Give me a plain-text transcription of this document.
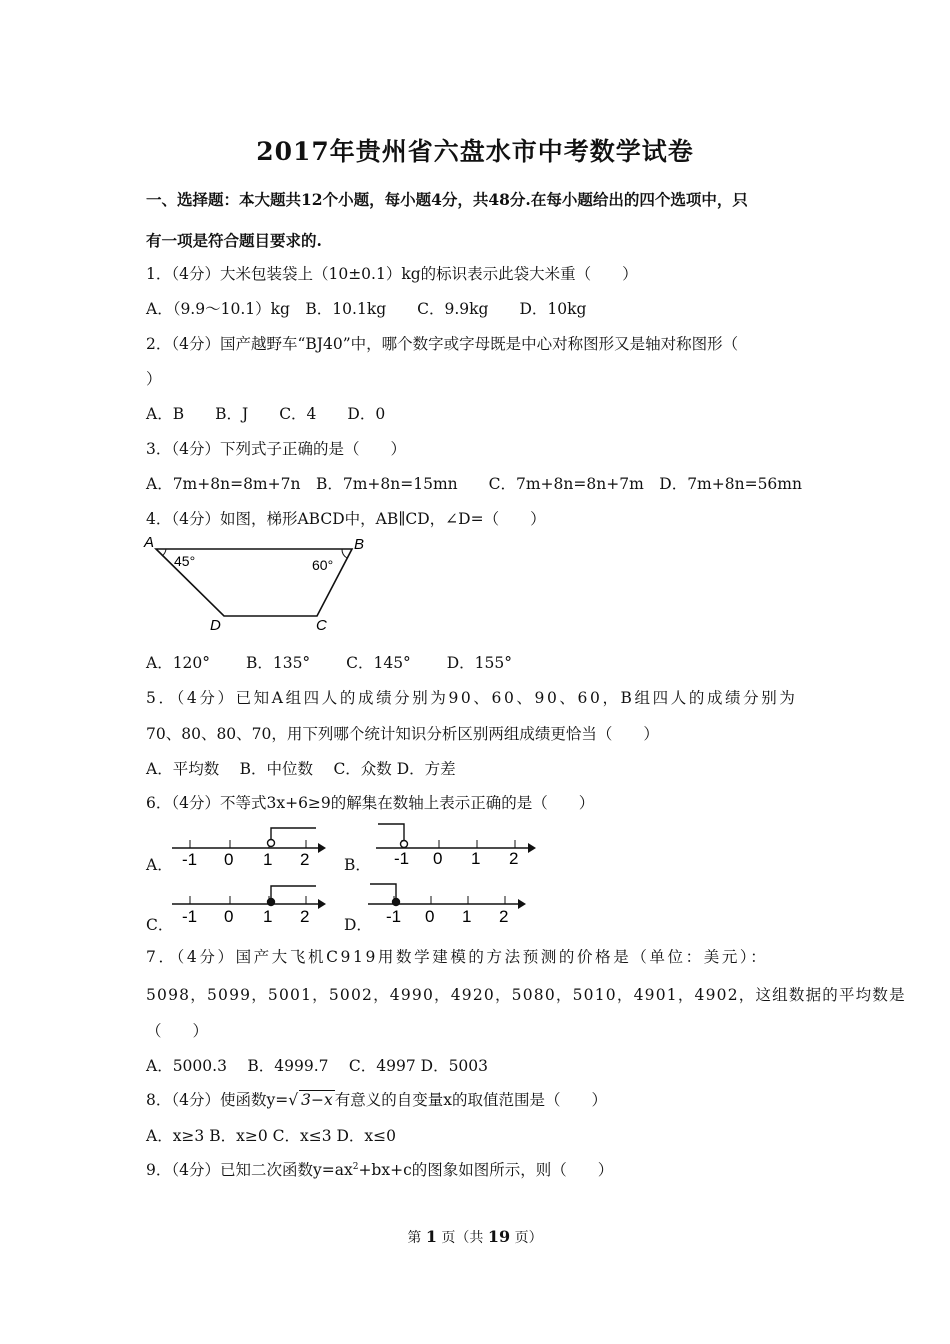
2017年贵州省六盘水市中考数学试卷
一、选择题：本大题共12个小题，每小题4分，共48分.在每小题给出的四个选项中，只
有一项是符合题目要求的.
1．（4分）大米包装袋上（10±0.1）kg的标识表示此袋大米重（　　）
A．（9.9～10.1）kg　B．10.1kg　　C．9.9kg　　D．10kg
2．（4分）国产越野车“BJ40”中，哪个数字或字母既是中心对称图形又是轴对称图形（
）
A．B　　B．J　　C．4　　D．0
3．（4分）下列式子正确的是（　　）
A．7m+8n=8m+7n　B．7m+8n=15mn　　C．7m+8n=8n+7m　D．7m+8n=56mn
4．（4分）如图，梯形ABCD中，AB∥CD，∠D=（　　）
A	B
C
D
45°	60°
A．120°　　 B．135°　　 C．145°　　 D．155°
5．（4分）已知A组四人的成绩分别为90、60、90、60，B组四人的成绩分别为
70、80、80、70，用下列哪个统计知识分析区别两组成绩更恰当（　　）
A．平均数　 B．中位数　 C．众数 D．方差
6．（4分）不等式3x+6≥9的解集在数轴上表示正确的是（　　）
A． -1 0 1 2 B． -1 0 1 2
C． -1 0 1 2 D． -1 0 1 2
7．（4分）国产大飞机C919用数学建模的方法预测的价格是（单位：美元）：
5098，5099，5001，5002，4990，4920，5080，5010，4901，4902，这组数据的平均数是
（　　）
A．5000.3　 B．4999.7　 C．4997 D．5003
8．（4分）使函数y=√ 3−x 有意义的自变量x的取值范围是（　　）
A．x≥3 B．x≥0 C．x≤3 D．x≤0
9．（4分）已知二次函数$y=ax^2+bx+c$的图象如图所示，则（　　）
第 1 页（共 19 页）
